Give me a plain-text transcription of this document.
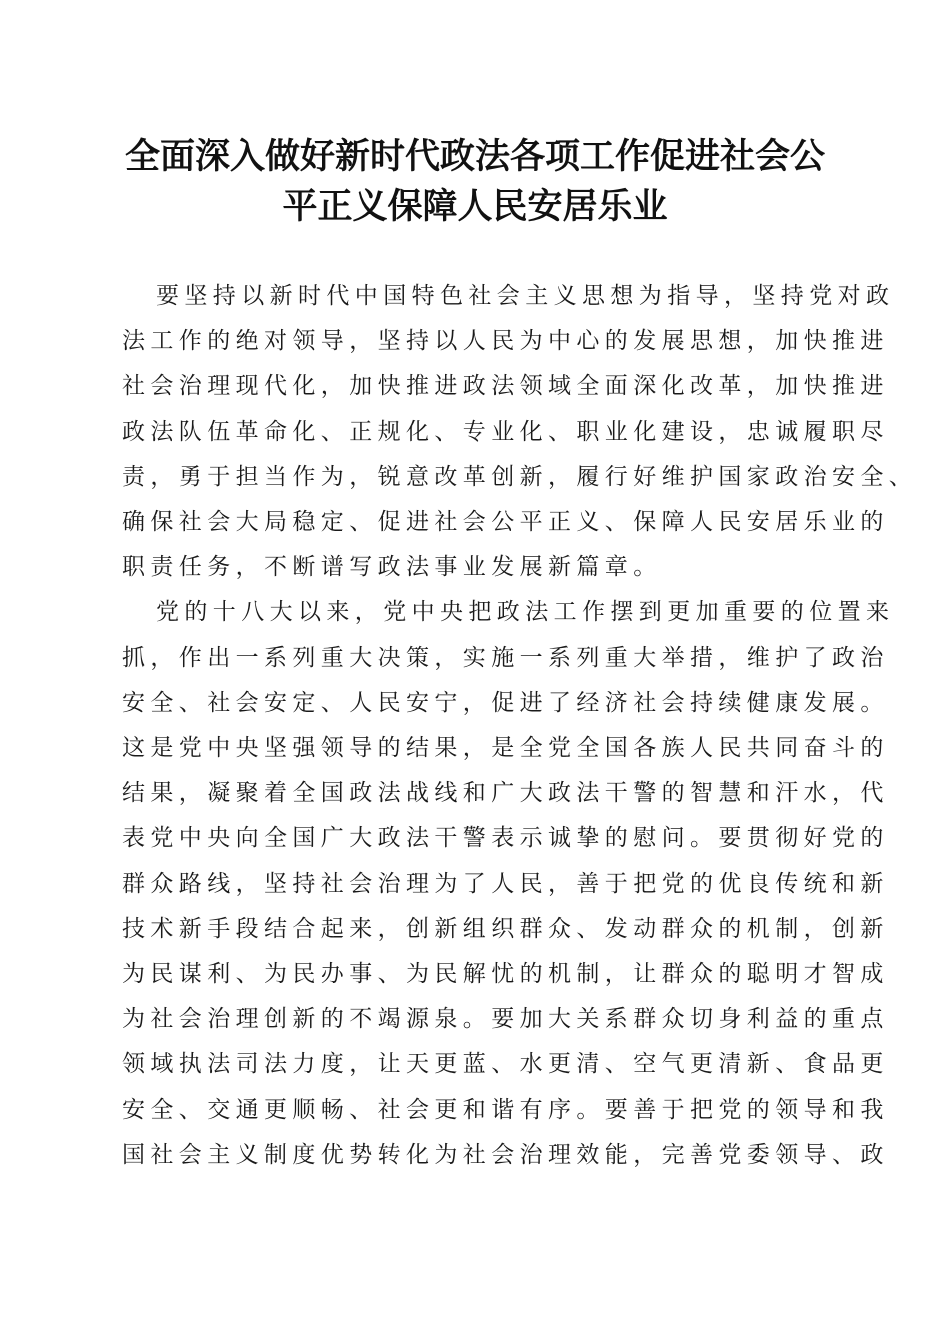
全面深入做好新时代政法各项工作促进社会公
平正义保障人民安居乐业

要坚持以新时代中国特色社会主义思想为指导，坚持党对政
法工作的绝对领导，坚持以人民为中心的发展思想，加快推进
社会治理现代化，加快推进政法领域全面深化改革，加快推进
政法队伍革命化、正规化、专业化、职业化建设，忠诚履职尽
责，勇于担当作为，锐意改革创新，履行好维护国家政治安全、
确保社会大局稳定、促进社会公平正义、保障人民安居乐业的
职责任务，不断谱写政法事业发展新篇章。

党的十八大以来，党中央把政法工作摆到更加重要的位置来
抓，作出一系列重大决策，实施一系列重大举措，维护了政治
安全、社会安定、人民安宁，促进了经济社会持续健康发展。
这是党中央坚强领导的结果，是全党全国各族人民共同奋斗的
结果，凝聚着全国政法战线和广大政法干警的智慧和汗水，代
表党中央向全国广大政法干警表示诚挚的慰问。要贯彻好党的
群众路线，坚持社会治理为了人民，善于把党的优良传统和新
技术新手段结合起来，创新组织群众、发动群众的机制，创新
为民谋利、为民办事、为民解忧的机制，让群众的聪明才智成
为社会治理创新的不竭源泉。要加大关系群众切身利益的重点
领域执法司法力度，让天更蓝、水更清、空气更清新、食品更
安全、交通更顺畅、社会更和谐有序。要善于把党的领导和我
国社会主义制度优势转化为社会治理效能，完善党委领导、政
